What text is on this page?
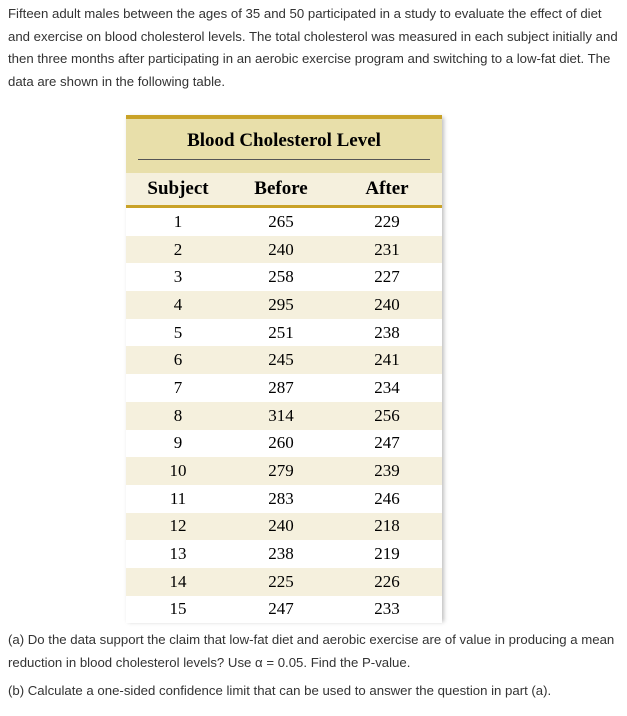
Fifteen adult males between the ages of 35 and 50 participated in a study to evaluate the effect of diet and exercise on blood cholesterol levels. The total cholesterol was measured in each subject initially and then three months after participating in an aerobic exercise program and switching to a low-fat diet. The data are shown in the following table.

Blood Cholesterol Level
Subject	Before	After
1	265	229
2	240	231
3	258	227
4	295	240
5	251	238
6	245	241
7	287	234
8	314	256
9	260	247
10	279	239
11	283	246
12	240	218
13	238	219
14	225	226
15	247	233

(a) Do the data support the claim that low-fat diet and aerobic exercise are of value in producing a mean reduction in blood cholesterol levels? Use α = 0.05. Find the P-value.

(b) Calculate a one-sided confidence limit that can be used to answer the question in part (a).
